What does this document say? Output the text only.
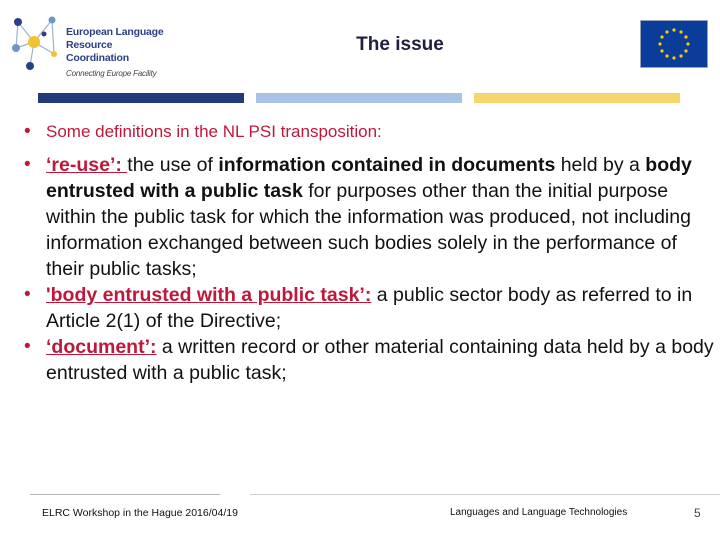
European Language
Resource Coordination
Connecting Europe Facility
The issue
• Some definitions in the NL PSI transposition:
• ‘re-use’: the use of information contained in documents held by a body entrusted with a public task for purposes other than the initial purpose within the public task for which the information was produced, not including information exchanged between such bodies solely in the performance of their public tasks;
• 'body entrusted with a public task’: a public sector body as referred to in Article 2(1) of the Directive;
• ‘document’: a written record or other material containing data held by a body entrusted with a public task;
ELRC Workshop in the Hague 2016/04/19	Languages and Language Technologies	5
